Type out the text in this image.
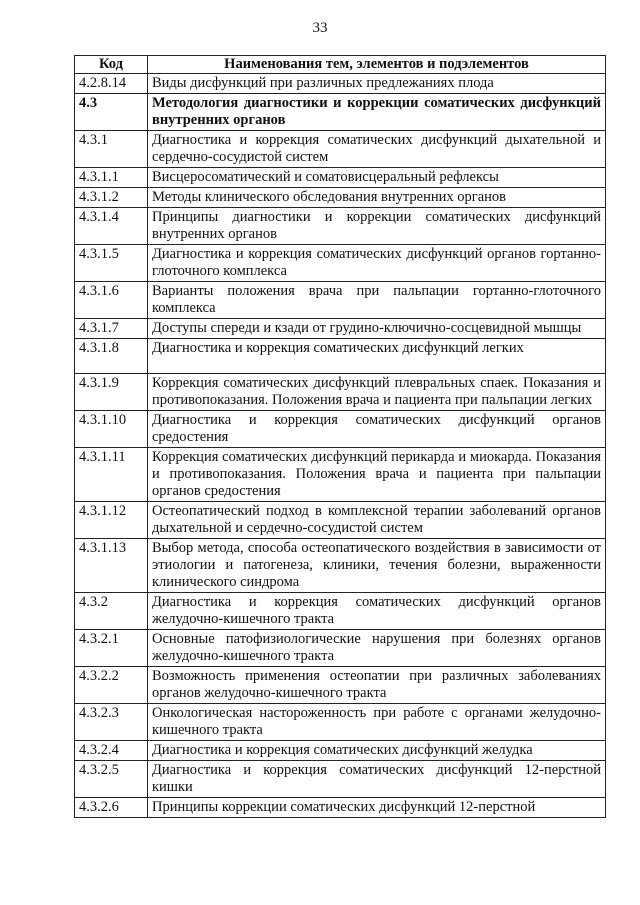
33
Код	Наименования тем, элементов и подэлементов
4.2.8.14	Виды дисфункций при различных предлежаниях плода
4.3	Методология диагностики и коррекции соматических дисфункций внутренних органов
4.3.1	Диагностика и коррекция соматических дисфункций дыхательной и сердечно-сосудистой систем
4.3.1.1	Висцеросоматический и соматовисцеральный рефлексы
4.3.1.2	Методы клинического обследования внутренних органов
4.3.1.4	Принципы диагностики и коррекции соматических дисфункций внутренних органов
4.3.1.5	Диагностика и коррекция соматических дисфункций органов гортанно-глоточного комплекса
4.3.1.6	Варианты положения врача при пальпации гортанно-глоточного комплекса
4.3.1.7	Доступы спереди и кзади от грудино-ключично-сосцевидной мышцы
4.3.1.8	Диагностика и коррекция соматических дисфункций легких
4.3.1.9	Коррекция соматических дисфункций плевральных спаек. Показания и противопоказания. Положения врача и пациента при пальпации легких
4.3.1.10	Диагностика и коррекция соматических дисфункций органов средостения
4.3.1.11	Коррекция соматических дисфункций перикарда и миокарда. Показания и противопоказания. Положения врача и пациента при пальпации органов средостения
4.3.1.12	Остеопатический подход в комплексной терапии заболеваний органов дыхательной и сердечно-сосудистой систем
4.3.1.13	Выбор метода, способа остеопатического воздействия в зависимости от этиологии и патогенеза, клиники, течения болезни, выраженности клинического синдрома
4.3.2	Диагностика и коррекция соматических дисфункций органов желудочно-кишечного тракта
4.3.2.1	Основные патофизиологические нарушения при болезнях органов желудочно-кишечного тракта
4.3.2.2	Возможность применения остеопатии при различных заболеваниях органов желудочно-кишечного тракта
4.3.2.3	Онкологическая настороженность при работе с органами желудочно-кишечного тракта
4.3.2.4	Диагностика и коррекция соматических дисфункций желудка
4.3.2.5	Диагностика и коррекция соматических дисфункций 12-перстной кишки
4.3.2.6	Принципы коррекции соматических дисфункций 12-перстной
